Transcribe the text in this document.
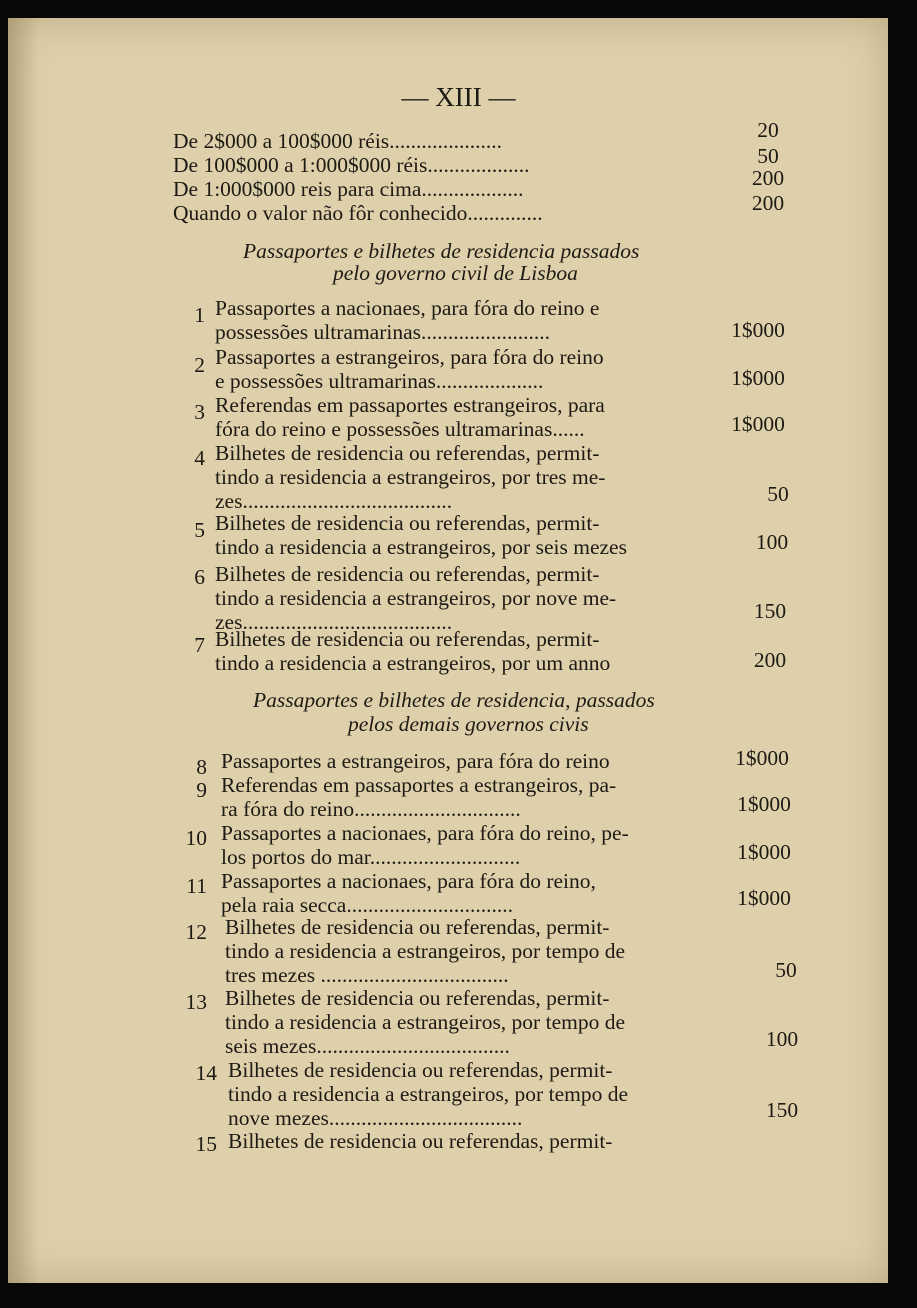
— XIII —
De 2$000 a 100$000 réis.....................	20
De 100$000 a 1:000$000 réis...................	50
De 1:000$000 reis para cima...................	200
Quando o valor não fôr conhecido..............	200
Passaportes e bilhetes de residencia passados
pelo governo civil de Lisboa
1 Passaportes a nacionaes, para fóra do reino e
possessões ultramarinas........................	1$000
2 Passaportes a estrangeiros, para fóra do reino
e possessões ultramarinas....................	1$000
3 Referendas em passaportes estrangeiros, para
fóra do reino e possessões ultramarinas......	1$000
4 Bilhetes de residencia ou referendas, permit-
tindo a residencia a estrangeiros, por tres me-
zes.......................................	50
5 Bilhetes de residencia ou referendas, permit-
tindo a residencia a estrangeiros, por seis mezes	100
6 Bilhetes de residencia ou referendas, permit-
tindo a residencia a estrangeiros, por nove me-
zes.......................................	150
7 Bilhetes de residencia ou referendas, permit-
tindo a residencia a estrangeiros, por um anno	200
Passaportes e bilhetes de residencia, passados
pelos demais governos civis
8 Passaportes a estrangeiros, para fóra do reino	1$000
9 Referendas em passaportes a estrangeiros, pa-
ra fóra do reino...............................	1$000
10 Passaportes a nacionaes, para fóra do reino, pe-
los portos do mar............................	1$000
11 Passaportes a nacionaes, para fóra do reino,
pela raia secca...............................	1$000
12 Bilhetes de residencia ou referendas, permit-
tindo a residencia a estrangeiros, por tempo de
tres mezes ...................................	50
13 Bilhetes de residencia ou referendas, permit-
tindo a residencia a estrangeiros, por tempo de
seis mezes....................................	100
14 Bilhetes de residencia ou referendas, permit-
tindo a residencia a estrangeiros, por tempo de
nove mezes....................................	150
15 Bilhetes de residencia ou referendas, permit-
